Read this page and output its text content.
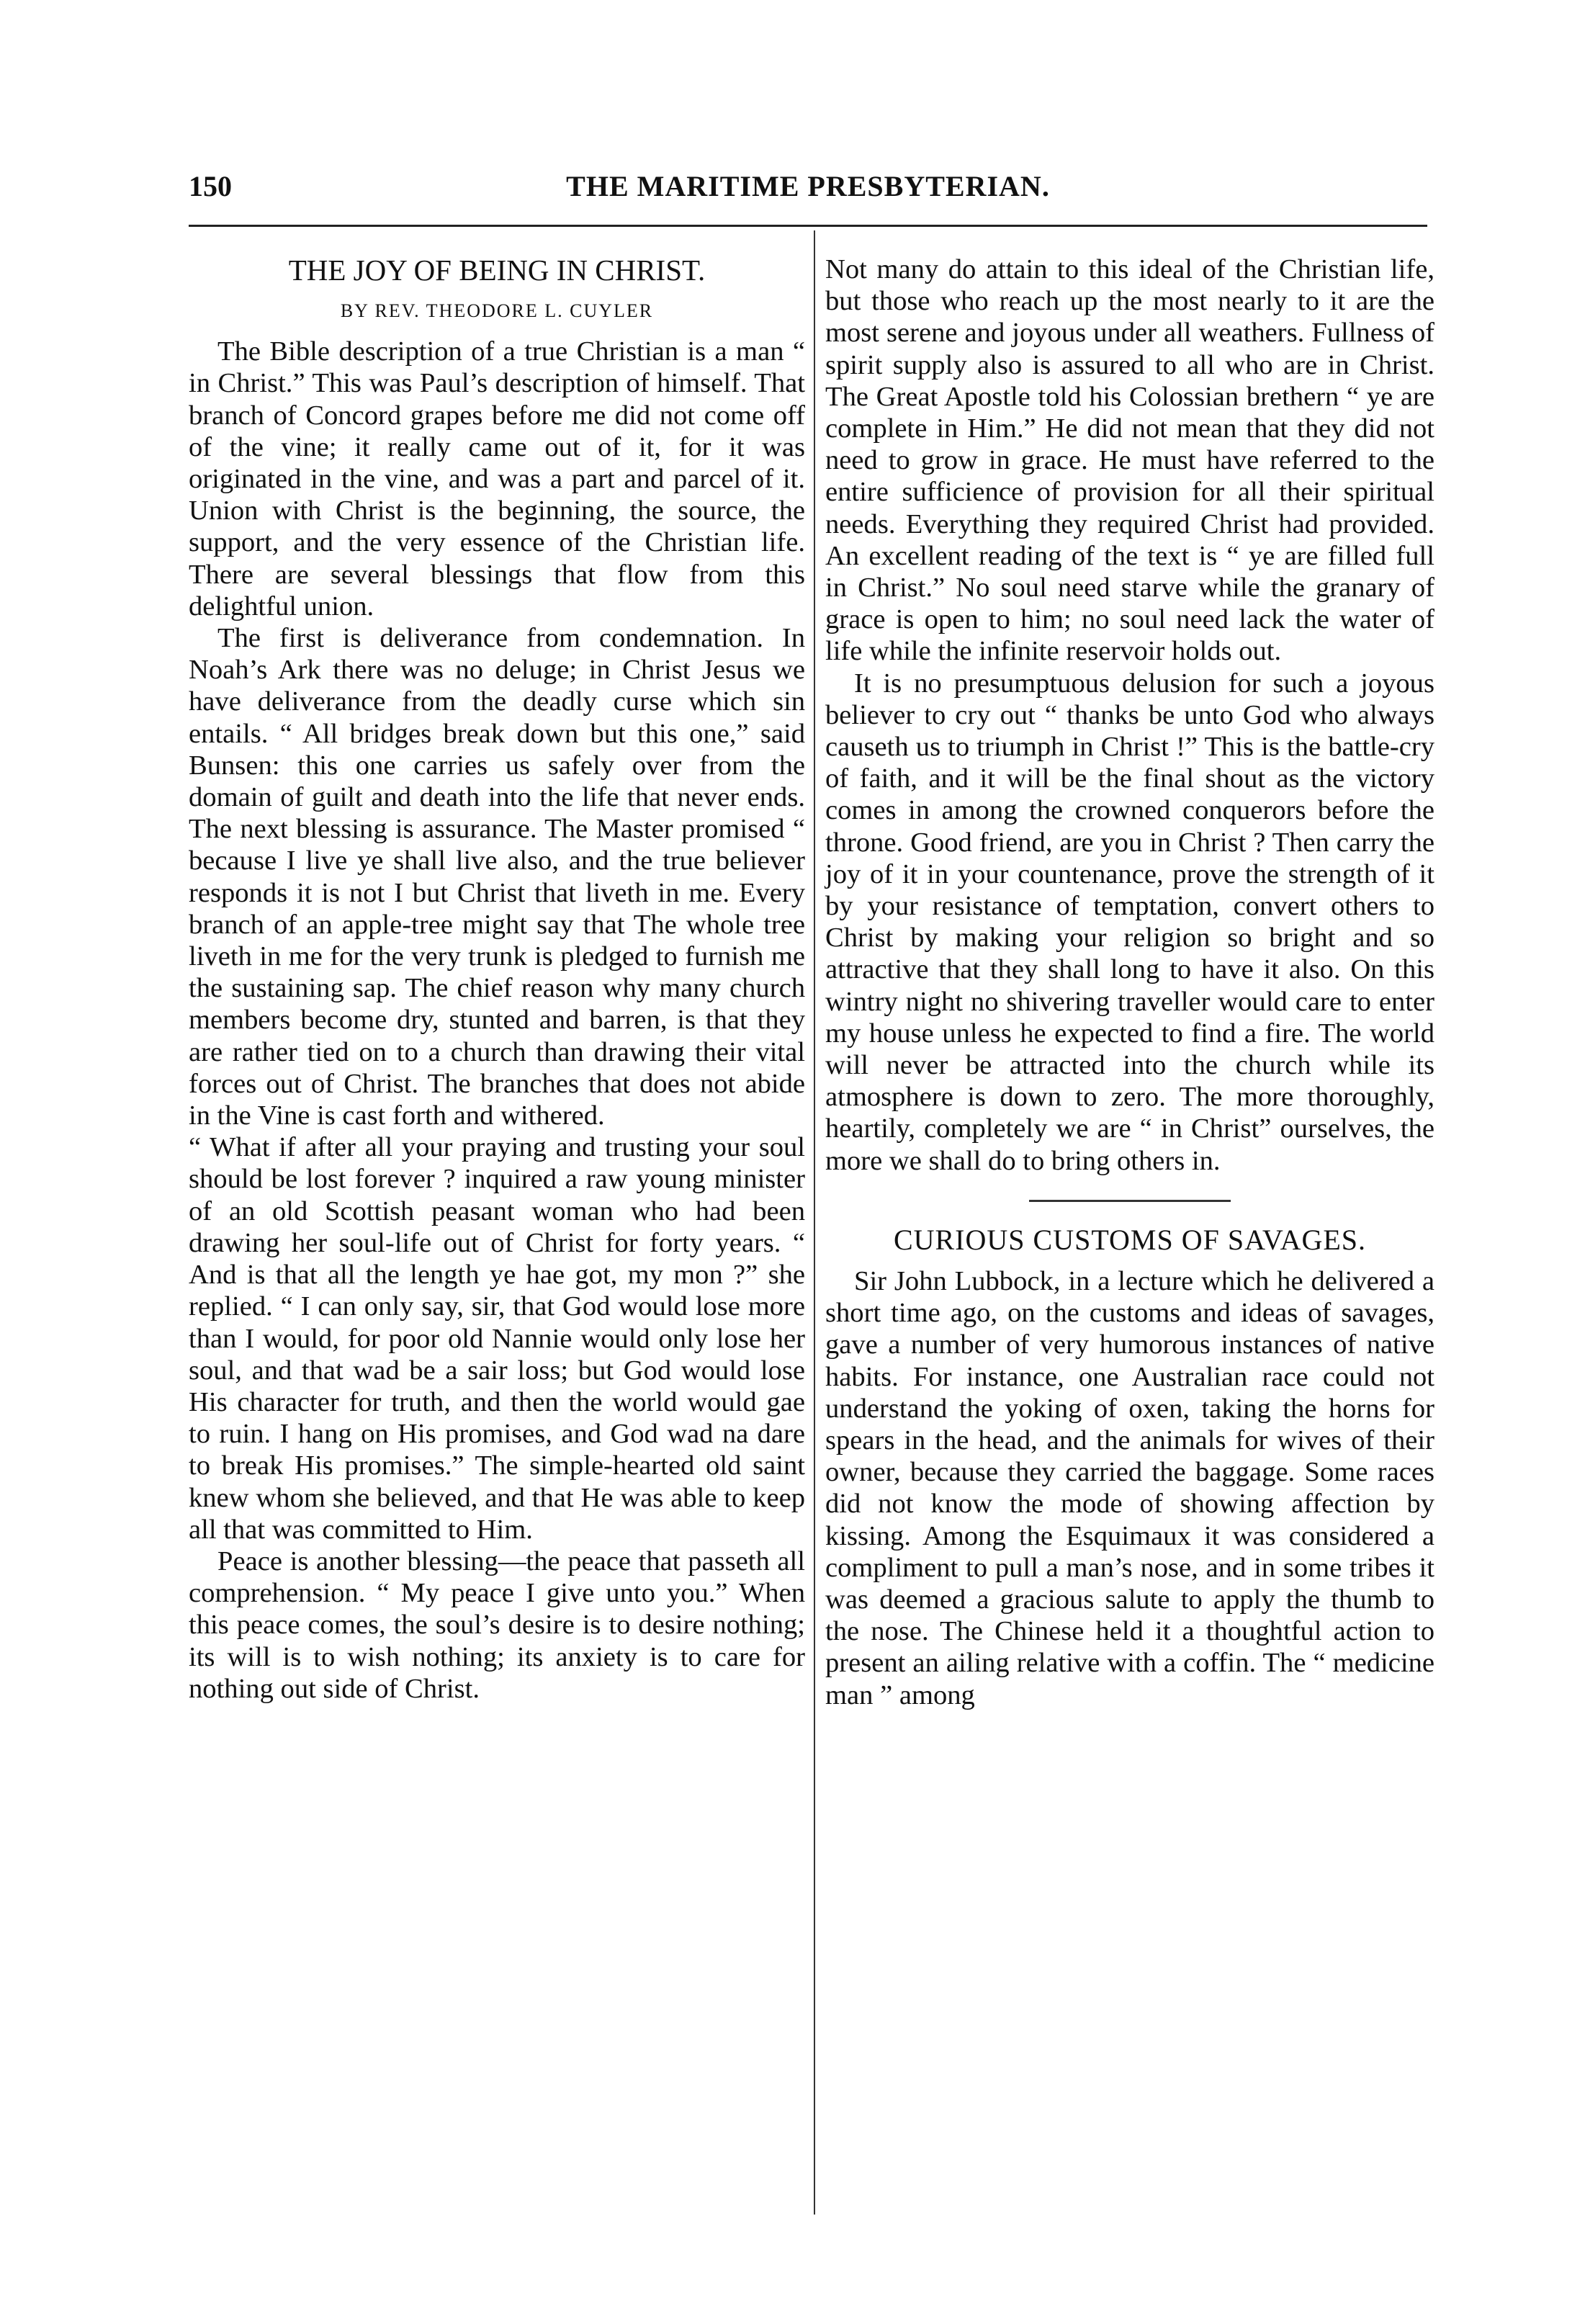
150	THE MARITIME PRESBYTERIAN.
THE JOY OF BEING IN CHRIST.
BY REV. THEODORE L. CUYLER

The Bible description of a true Christian is a man “ in Christ.” This was Paul’s description of himself. That branch of Concord grapes before me did not come off of the vine; it really came out of it, for it was originated in the vine, and was a part and parcel of it. Union with Christ is the beginning, the source, the support, and the very essence of the Christian life. There are several blessings that flow from this delightful union.

The first is deliverance from condemnation. In Noah’s Ark there was no deluge; in Christ Jesus we have deliverance from the deadly curse which sin entails. “ All bridges break down but this one,” said Bunsen: this one carries us safely over from the domain of guilt and death into the life that never ends. The next blessing is assurance. The Master promised “ because I live ye shall live also, and the true believer responds it is not I but Christ that liveth in me. Every branch of an apple-tree might say that The whole tree liveth in me for the very trunk is pledged to furnish me the sustaining sap. The chief reason why many church members become dry, stunted and barren, is that they are rather tied on to a church than drawing their vital forces out of Christ. The branches that does not abide in the Vine is cast forth and withered.

“ What if after all your praying and trusting your soul should be lost forever ? inquired a raw young minister of an old Scottish peasant woman who had been drawing her soul-life out of Christ for forty years. “ And is that all the length ye hae got, my mon ?” she replied. “ I can only say, sir, that God would lose more than I would, for poor old Nannie would only lose her soul, and that wad be a sair loss; but God would lose His character for truth, and then the world would gae to ruin. I hang on His promises, and God wad na dare to break His promises.” The simple-hearted old saint knew whom she believed, and that He was able to keep all that was committed to Him.

Peace is another blessing—the peace that passeth all comprehension. “ My peace I give unto you.” When this peace comes, the soul’s desire is to desire nothing; its will is to wish nothing; its anxiety is to care for nothing out side of Christ.

Not many do attain to this ideal of the Christian life, but those who reach up the most nearly to it are the most serene and joyous under all weathers. Fullness of spirit supply also is assured to all who are in Christ. The Great Apostle told his Colossian brethern “ ye are complete in Him.” He did not mean that they did not need to grow in grace. He must have referred to the entire sufficience of provision for all their spiritual needs. Everything they required Christ had provided. An excellent reading of the text is “ ye are filled full in Christ.” No soul need starve while the granary of grace is open to him; no soul need lack the water of life while the infinite reservoir holds out.

It is no presumptuous delusion for such a joyous believer to cry out “ thanks be unto God who always causeth us to triumph in Christ !” This is the battle-cry of faith, and it will be the final shout as the victory comes in among the crowned conquerors before the throne. Good friend, are you in Christ ? Then carry the joy of it in your countenance, prove the strength of it by your resistance of temptation, convert others to Christ by making your religion so bright and so attractive that they shall long to have it also. On this wintry night no shivering traveller would care to enter my house unless he expected to find a fire. The world will never be attracted into the church while its atmosphere is down to zero. The more thoroughly, heartily, completely we are “ in Christ” ourselves, the more we shall do to bring others in.

CURIOUS CUSTOMS OF SAVAGES.

Sir John Lubbock, in a lecture which he delivered a short time ago, on the customs and ideas of savages, gave a number of very humorous instances of native habits. For instance, one Australian race could not understand the yoking of oxen, taking the horns for spears in the head, and the animals for wives of their owner, because they carried the baggage. Some races did not know the mode of showing affection by kissing. Among the Esquimaux it was considered a compliment to pull a man’s nose, and in some tribes it was deemed a gracious salute to apply the thumb to the nose. The Chinese held it a thoughtful action to present an ailing relative with a coffin. The “ medicine man ” among
